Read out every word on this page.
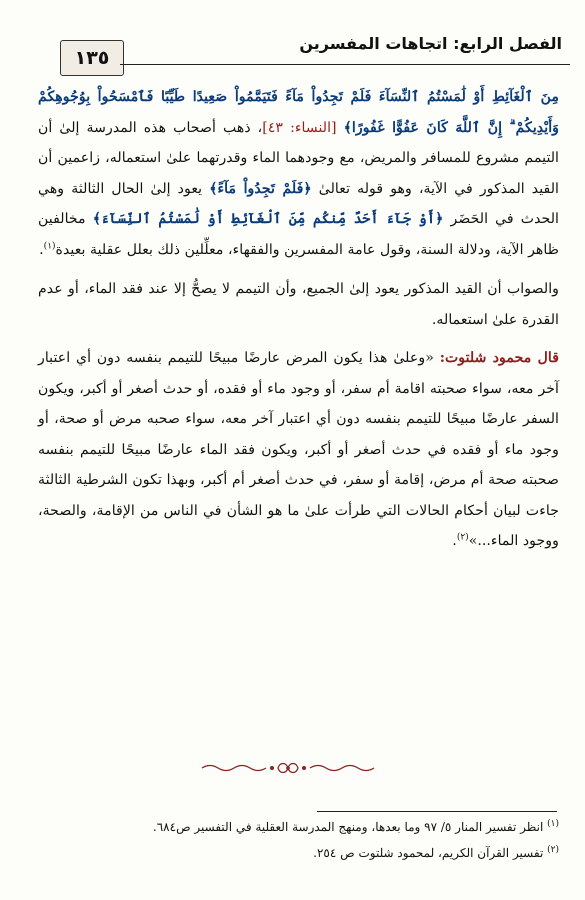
١٣٥
الفصل الرابع: اتجاهات المفسرين

مِنَ ٱلْغَآئِطِ أَوْ لَٰمَسْتُمُ ٱلنِّسَآءَ فَلَمْ تَجِدُواْ مَآءً فَتَيَمَّمُواْ صَعِيدًا طَيِّبًا فَٱمْسَحُواْ بِوُجُوهِكُمْ وَأَيْدِيكُمْ ۗ إِنَّ ٱللَّهَ كَانَ عَفُوًّا غَفُورًا﴾ [النساء: ٤٣]، ذهب أصحاب هذه المدرسة إلىٰ أن التيمم مشروع للمسافر والمريض، مع وجودهما الماء وقدرتهما علىٰ استعماله، زاعمين أن القيد المذكور في الآية، وهو قوله تعالىٰ ﴿فَلَمْ تَجِدُواْ مَآءً﴾ يعود إلىٰ الحال الثالثة وهي الحدث في الحَضَر ﴿أَوْ جَآءَ أَحَدٌ مِّنكُم مِّنَ ٱلْغَآئِطِ أَوْ لَٰمَسْتُمُ ٱلنِّسَآءَ﴾ مخالفين ظاهر الآية، ودلالة السنة، وقول عامة المفسرين والفقهاء، معلِّلين ذلك بعلل عقلية بعيدة$^{(١)}$.

والصواب أن القيد المذكور يعود إلىٰ الجميع، وأن التيمم لا يصحُّ إلا عند فقد الماء، أو عدم القدرة علىٰ استعماله.

قال محمود شلتوت: «وعلىٰ هذا يكون المرض عارضًا مبيحًا للتيمم بنفسه دون أي اعتبار آخر معه، سواء صحبته اقامة أم سفر، أو وجود ماء أو فقده، أو حدث أصغر أو أكبر، ويكون السفر عارضًا مبيحًا للتيمم بنفسه دون أي اعتبار آخر معه، سواء صحبه مرض أو صحة، أو وجود ماء أو فقده في حدث أصغر أو أكبر، ويكون فقد الماء عارضًا مبيحًا للتيمم بنفسه صحبته صحة أم مرض، إقامة أو سفر، في حدث أصغر أم أكبر، وبهذا تكون الشرطية الثالثة جاءت لبيان أحكام الحالات التي طرأت علىٰ ما هو الشأن في الناس من الإقامة، والصحة، ووجود الماء...»$^{(٢)}$.

$^{(١)}$ انظر تفسير المنار ٥/ ٩٧ وما بعدها، ومنهج المدرسة العقلية في التفسير ص٦٨٤.

$^{(٢)}$ تفسير القرآن الكريم، لمحمود شلتوت ص ٢٥٤.
